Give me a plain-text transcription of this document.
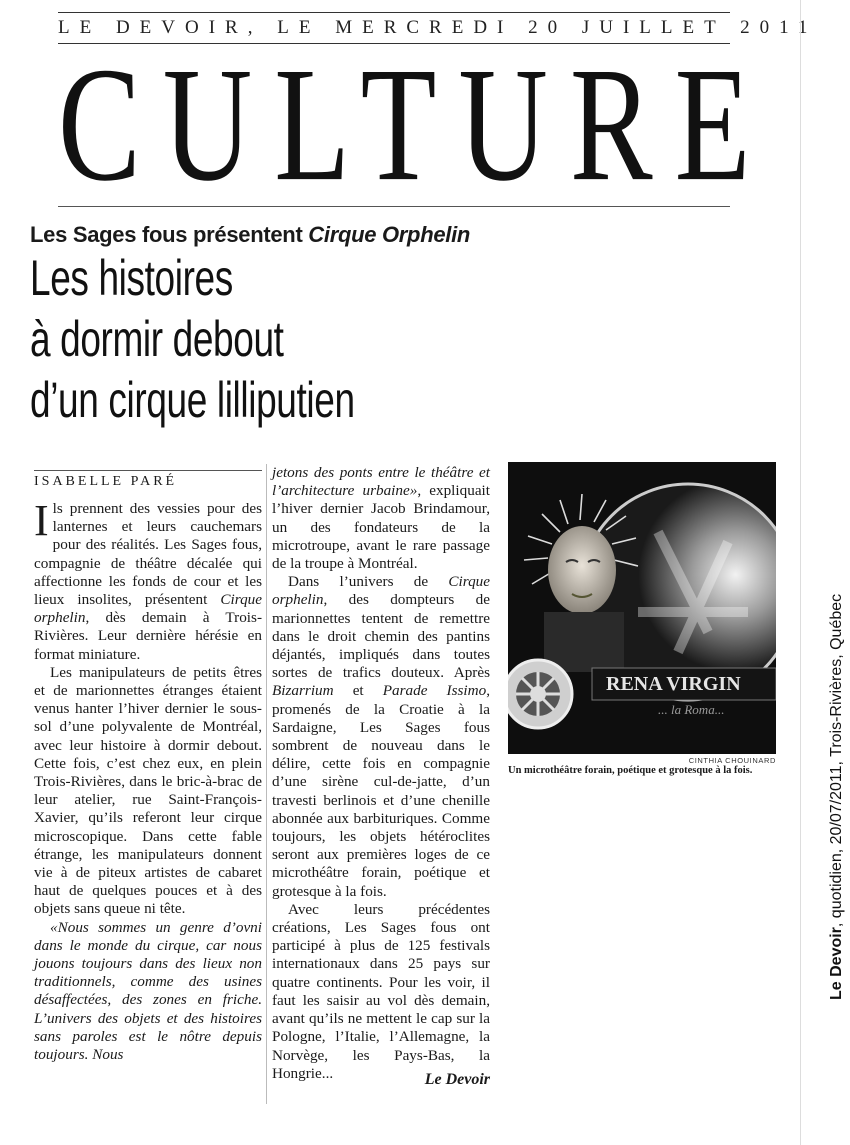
LE DEVOIR, LE MERCREDI 20 JUILLET 2011
CULTURE
Les Sages fous présentent Cirque Orphelin
Les histoires
à dormir debout
d’un cirque lilliputien
Le Devoir, quotidien, 20/07/2011, Trois-Rivières, Québec
ISABELLE PARÉ

Ils prennent des vessies pour des lanternes et leurs cauchemars pour des réalités. Les Sages fous, compagnie de théâtre décalée qui affectionne les fonds de cour et les lieux insolites, présentent Cirque orphelin, dès demain à Trois-Rivières. Leur dernière hérésie en format miniature.

Les manipulateurs de petits êtres et de marionnettes étranges étaient venus hanter l’hiver dernier le sous-sol d’une polyvalente de Montréal, avec leur histoire à dormir debout. Cette fois, c’est chez eux, en plein Trois-Rivières, dans le bric-à-brac de leur atelier, rue Saint-François-Xavier, qu’ils referont leur cirque microscopique. Dans cette fable étrange, les manipulateurs donnent vie à de piteux artistes de cabaret haut de quelques pouces et à des objets sans queue ni tête.

«Nous sommes un genre d’ovni dans le monde du cirque, car nous jouons toujours dans des lieux non traditionnels, comme des usines désaffectées, des zones en friche. L’univers des objets et des histoires sans paroles est le nôtre depuis toujours. Nous

jetons des ponts entre le théâtre et l’architecture urbaine», expliquait l’hiver dernier Jacob Brindamour, un des fondateurs de la microtroupe, avant le rare passage de la troupe à Montréal.

Dans l’univers de Cirque orphelin, des dompteurs de marionnettes tentent de remettre dans le droit chemin des pantins déjantés, impliqués dans toutes sortes de trafics douteux. Après Bizarrium et Parade Issimo, promenés de la Croatie à la Sardaigne, Les Sages fous sombrent de nouveau dans le délire, cette fois en compagnie d’une sirène cul-de-jatte, d’un travesti berlinois et d’une chenille abonnée aux barbituriques. Comme toujours, les objets hétéroclites seront aux premières loges de ce microthéâtre forain, poétique et grotesque à la fois.

Avec leurs précédentes créations, Les Sages fous ont participé à plus de 125 festivals internationaux dans 25 pays sur quatre continents. Pour les voir, il faut les saisir au vol dès demain, avant qu’ils ne mettent le cap sur la Pologne, l’Italie, l’Allemagne, la Norvège, les Pays-Bas, la Hongrie...	Le Devoir
RENA VIRGIN
... la Roma...
CINTHIA CHOUINARD
Un microthéâtre forain, poétique et grotesque à la fois.
